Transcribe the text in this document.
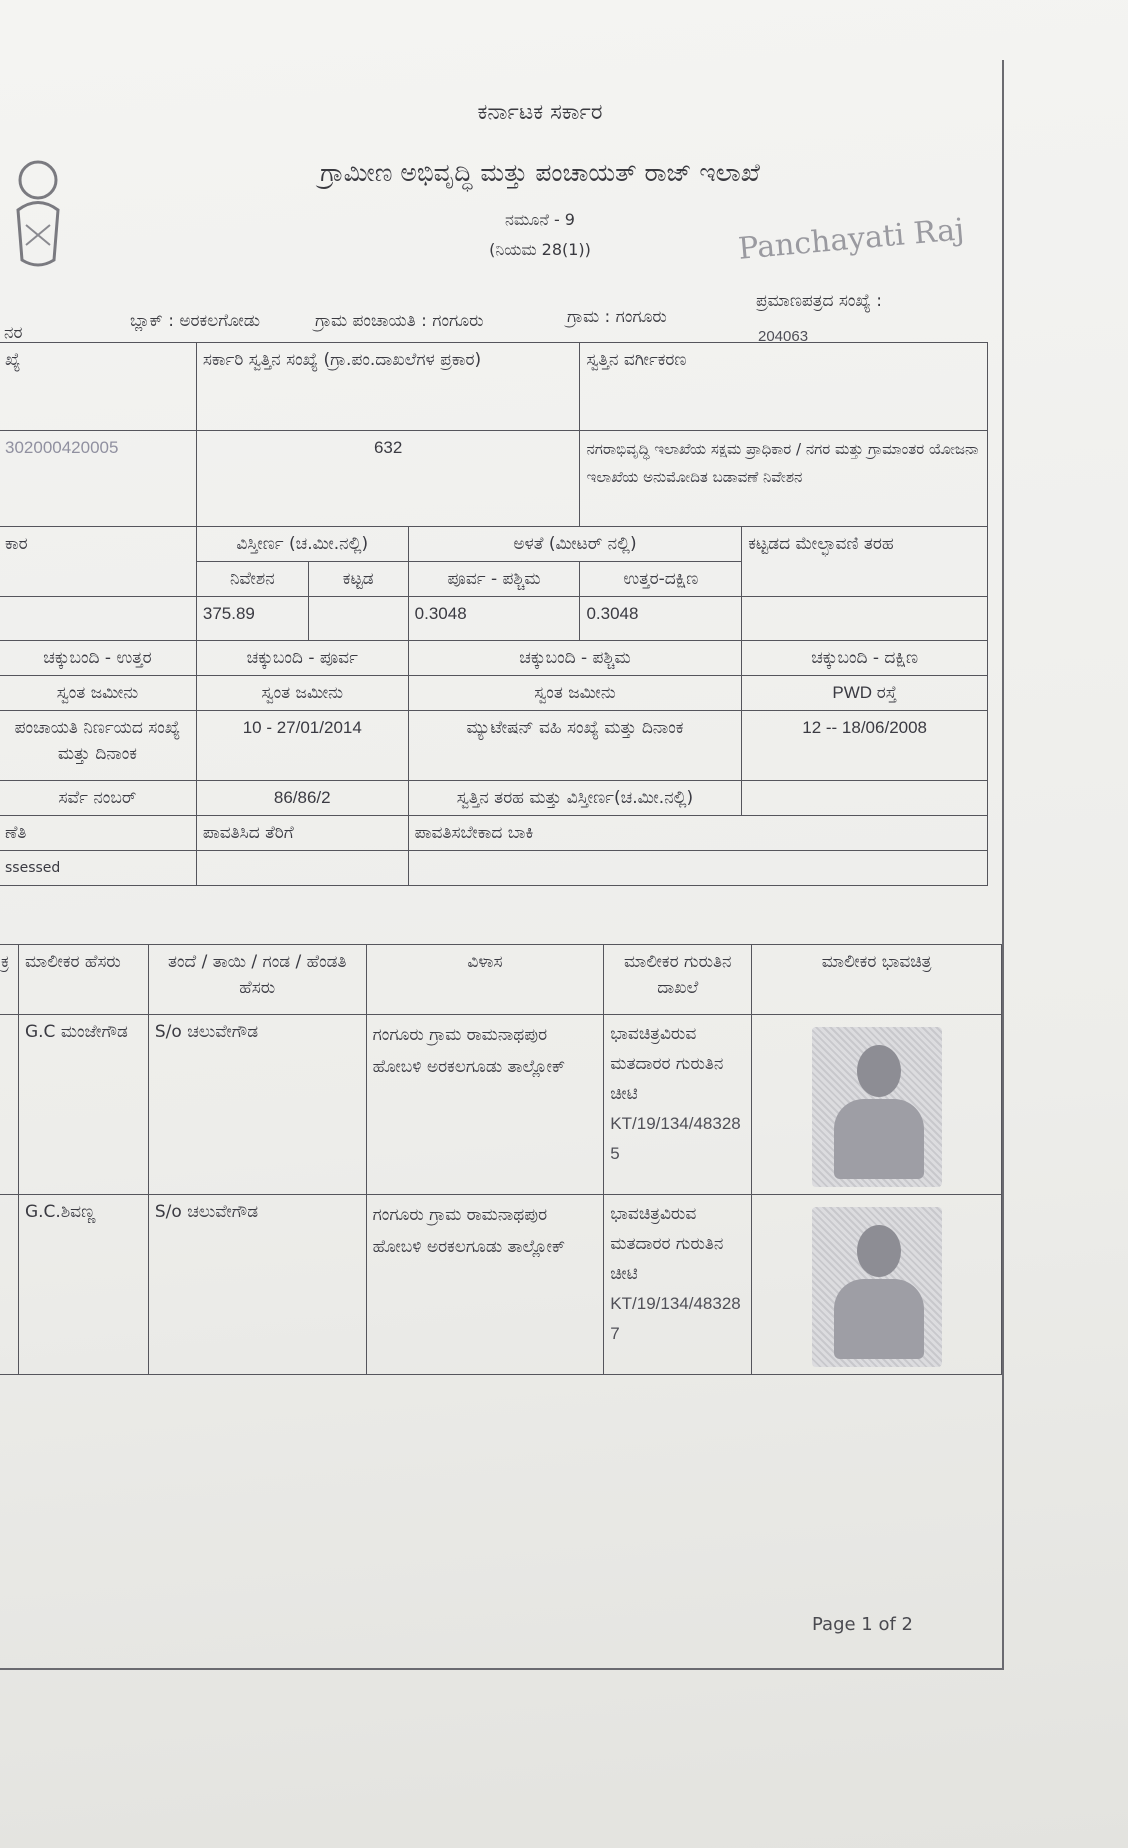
ಕರ್ನಾಟಕ ಸರ್ಕಾರ
ಗ್ರಾಮೀಣ ಅಭಿವೃದ್ಧಿ ಮತ್ತು ಪಂಚಾಯತ್ ರಾಜ್ ಇಲಾಖೆ
ನಮೂನೆ - 9
(ನಿಯಮ 28(1))	Panchayati Raj
ನರ
ಬ್ಲಾಕ್ : ಅರಕಲಗೋಡು	ಗ್ರಾಮ ಪಂಚಾಯತಿ : ಗಂಗೂರು	ಗ್ರಾಮ : ಗಂಗೂರು
ಪ್ರಮಾಣಪತ್ರದ ಸಂಖ್ಯೆ :
204063
ಖ್ಯೆ	ಸರ್ಕಾರಿ ಸ್ವತ್ತಿನ ಸಂಖ್ಯೆ (ಗ್ರಾ.ಪಂ.ದಾಖಲೆಗಳ ಪ್ರಕಾರ)			ಸ್ವತ್ತಿನ ವರ್ಗೀಕರಣ	
302000420005	632			ನಗರಾಭಿವೃದ್ಧಿ ಇಲಾಖೆಯ ಸಕ್ಷಮ ಪ್ರಾಧಿಕಾರ / ನಗರ ಮತ್ತು ಗ್ರಾಮಾಂತರ ಯೋಜನಾ ಇಲಾಖೆಯ ಅನುಮೋದಿತ ಬಡಾವಣೆ ನಿವೇಶನ	
ಕಾರ	ವಿಸ್ತೀರ್ಣ (ಚ.ಮೀ.ನಲ್ಲಿ)		ಅಳತೆ (ಮೀಟರ್ ನಲ್ಲಿ)		ಕಟ್ಟಡದ ಮೇಲ್ಛಾವಣಿ ತರಹ
	ನಿವೇಶನ	ಕಟ್ಟಡ	ಪೂರ್ವ - ಪಶ್ಚಿಮ	ಉತ್ತರ-ದಕ್ಷಿಣ	
	375.89		0.3048	0.3048	
ಚಕ್ಕುಬಂದಿ - ಉತ್ತರ	ಚಕ್ಕುಬಂದಿ - ಪೂರ್ವ		ಚಕ್ಕುಬಂದಿ - ಪಶ್ಚಿಮ		ಚಕ್ಕುಬಂದಿ - ದಕ್ಷಿಣ
ಸ್ವಂತ ಜಮೀನು	ಸ್ವಂತ ಜಮೀನು		ಸ್ವಂತ ಜಮೀನು		PWD ರಸ್ತೆ
ಪಂಚಾಯತಿ ನಿರ್ಣಯದ ಸಂಖ್ಯೆ ಮತ್ತು ದಿನಾಂಕ	10 - 27/01/2014		ಮ್ಯುಟೇಷನ್ ವಹಿ ಸಂಖ್ಯೆ ಮತ್ತು ದಿನಾಂಕ		12 -- 18/06/2008
ಸರ್ವೆ ನಂಬರ್	86/86/2		ಸ್ವತ್ತಿನ ತರಹ ಮತ್ತು ವಿಸ್ತೀರ್ಣ(ಚ.ಮೀ.ನಲ್ಲಿ)		
ಣೆತಿ	ಪಾವತಿಸಿದ ತೆರಿಗೆ		ಪಾವತಿಸಬೇಕಾದ ಬಾಕಿ		
ssessed					
ಕ್ರ	ಮಾಲೀಕರ ಹೆಸರು	ತಂದೆ / ತಾಯಿ / ಗಂಡ / ಹೆಂಡತಿ ಹೆಸರು	ವಿಳಾಸ	ಮಾಲೀಕರ ಗುರುತಿನ ದಾಖಲೆ	ಮಾಲೀಕರ ಭಾವಚಿತ್ರ
	G.C ಮಂಜೇಗೌಡ	S/o ಚಲುವೇಗೌಡ	ಗಂಗೂರು ಗ್ರಾಮ ರಾಮನಾಥಪುರ ಹೋಬಳಿ ಅರಕಲಗೂಡು ತಾಲ್ಲೋಕ್	ಭಾವಚಿತ್ರವಿರುವ ಮತದಾರರ ಗುರುತಿನ ಚೀಟಿ
KT/19/134/483285	

	G.C.ಶಿವಣ್ಣ	S/o ಚಲುವೇಗೌಡ	ಗಂಗೂರು ಗ್ರಾಮ ರಾಮನಾಥಪುರ ಹೋಬಳಿ ಅರಕಲಗೂಡು ತಾಲ್ಲೋಕ್	ಭಾವಚಿತ್ರವಿರುವ ಮತದಾರರ ಗುರುತಿನ ಚೀಟಿ
KT/19/134/483287	

Page 1 of 2
